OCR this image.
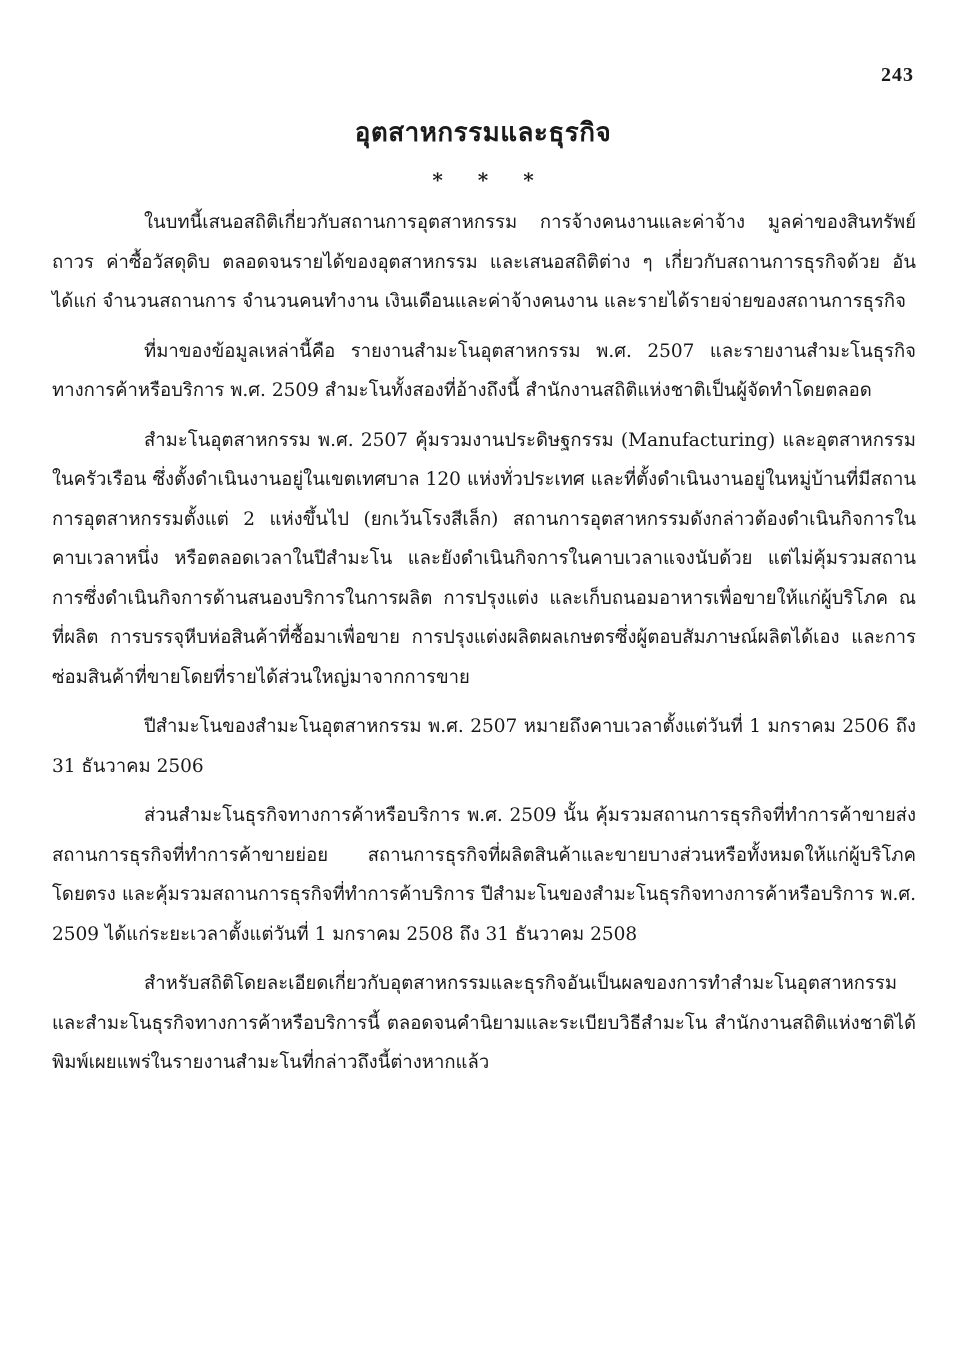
243
อุตสาหกรรมและธุรกิจ
* * *

ในบทนี้เสนอสถิติเกี่ยวกับสถานการอุตสาหกรรม การจ้างคนงานและค่าจ้าง มูลค่าของสินทรัพย์ถาวร ค่าซื้อวัสดุดิบ ตลอดจนรายได้ของอุตสาหกรรม และเสนอสถิติต่าง ๆ เกี่ยวกับสถานการธุรกิจด้วย อันได้แก่ จำนวนสถานการ จำนวนคนทำงาน เงินเดือนและค่าจ้างคนงาน และรายได้รายจ่ายของสถานการธุรกิจ

ที่มาของข้อมูลเหล่านี้คือ รายงานสำมะโนอุตสาหกรรม พ.ศ. 2507 และรายงานสำมะโนธุรกิจทางการค้าหรือบริการ พ.ศ. 2509 สำมะโนทั้งสองที่อ้างถึงนี้ สำนักงานสถิติแห่งชาติเป็นผู้จัดทำโดยตลอด

สำมะโนอุตสาหกรรม พ.ศ. 2507 คุ้มรวมงานประดิษฐกรรม (Manufacturing) และอุตสาหกรรมในครัวเรือน ซึ่งตั้งดำเนินงานอยู่ในเขตเทศบาล 120 แห่งทั่วประเทศ และที่ตั้งดำเนินงานอยู่ในหมู่บ้านที่มีสถานการอุตสาหกรรมตั้งแต่ 2 แห่งขึ้นไป (ยกเว้นโรงสีเล็ก) สถานการอุตสาหกรรมดังกล่าวต้องดำเนินกิจการในคาบเวลาหนึ่ง หรือตลอดเวลาในปีสำมะโน และยังดำเนินกิจการในคาบเวลาแจงนับด้วย แต่ไม่คุ้มรวมสถานการซึ่งดำเนินกิจการด้านสนองบริการในการผลิต การปรุงแต่ง และเก็บถนอมอาหารเพื่อขายให้แก่ผู้บริโภค ณ ที่ผลิต การบรรจุหีบห่อสินค้าที่ซื้อมาเพื่อขาย การปรุงแต่งผลิตผลเกษตรซึ่งผู้ตอบสัมภาษณ์ผลิตได้เอง และการซ่อมสินค้าที่ขายโดยที่รายได้ส่วนใหญ่มาจากการขาย

ปีสำมะโนของสำมะโนอุตสาหกรรม พ.ศ. 2507 หมายถึงคาบเวลาตั้งแต่วันที่ 1 มกราคม 2506 ถึง 31 ธันวาคม 2506

ส่วนสำมะโนธุรกิจทางการค้าหรือบริการ พ.ศ. 2509 นั้น คุ้มรวมสถานการธุรกิจที่ทำการค้าขายส่ง สถานการธุรกิจที่ทำการค้าขายย่อย สถานการธุรกิจที่ผลิตสินค้าและขายบางส่วนหรือทั้งหมดให้แก่ผู้บริโภคโดยตรง และคุ้มรวมสถานการธุรกิจที่ทำการค้าบริการ ปีสำมะโนของสำมะโนธุรกิจทางการค้าหรือบริการ พ.ศ. 2509 ได้แก่ระยะเวลาตั้งแต่วันที่ 1 มกราคม 2508 ถึง 31 ธันวาคม 2508

สำหรับสถิติโดยละเอียดเกี่ยวกับอุตสาหกรรมและธุรกิจอันเป็นผลของการทำสำมะโนอุตสาหกรรมและสำมะโนธุรกิจทางการค้าหรือบริการนี้ ตลอดจนคำนิยามและระเบียบวิธีสำมะโน สำนักงานสถิติแห่งชาติได้พิมพ์เผยแพร่ในรายงานสำมะโนที่กล่าวถึงนี้ต่างหากแล้ว
